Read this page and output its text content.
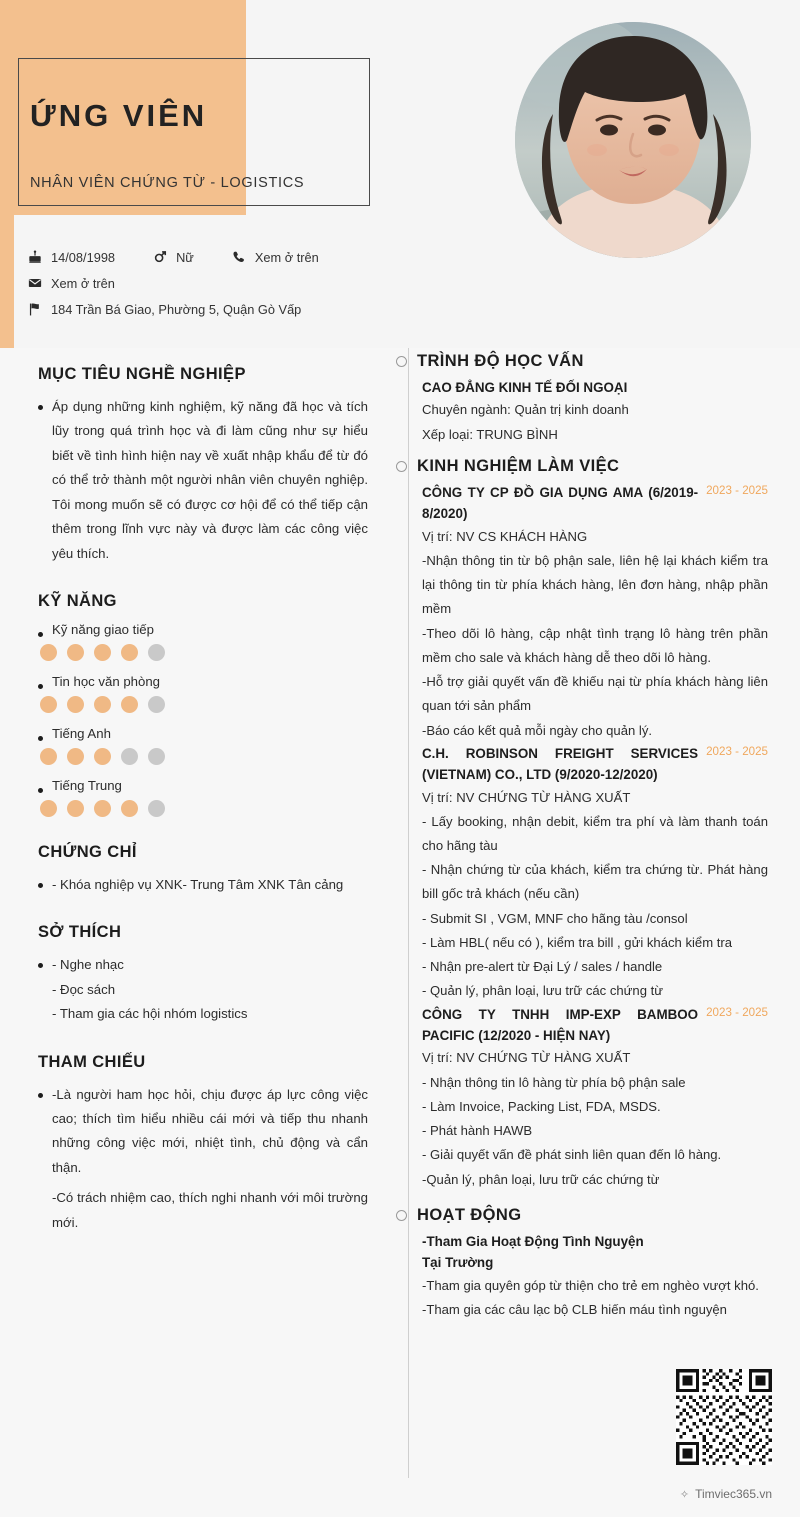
ỨNG VIÊN
NHÂN VIÊN CHỨNG TỪ - LOGISTICS
14/08/1998	Nữ	Xem ở trên
Xem ở trên
184 Trần Bá Giao, Phường 5, Quận Gò Vấp
MỤC TIÊU NGHỀ NGHIỆP
Áp dụng những kinh nghiệm, kỹ năng đã học và tích lũy trong quá trình học và đi làm cũng như sự hiểu biết về tình hình hiện nay về xuất nhập khẩu để từ đó có thể trở thành một người nhân viên chuyên nghiệp. Tôi mong muốn sẽ có được cơ hội để có thể tiếp cận thêm trong lĩnh vực này và được làm các công việc yêu thích.
KỸ NĂNG
Kỹ năng giao tiếp
Tin học văn phòng
Tiếng Anh
Tiếng Trung
CHỨNG CHỈ
- Khóa nghiệp vụ XNK- Trung Tâm XNK Tân cảng
SỞ THÍCH
- Nghe nhạc
- Đọc sách
- Tham gia các hội nhóm logistics
THAM CHIẾU
-Là người ham học hỏi, chịu được áp lực công việc cao; thích tìm hiểu nhiều cái mới và tiếp thu nhanh những công việc mới, nhiệt tình, chủ động và cẩn thận.
-Có trách nhiệm cao, thích nghi nhanh với môi trường mới.
TRÌNH ĐỘ HỌC VẤN
CAO ĐẲNG KINH TẾ ĐỐI NGOẠI
Chuyên ngành: Quản trị kinh doanh
Xếp loại: TRUNG BÌNH
KINH NGHIỆM LÀM VIỆC
CÔNG TY CP ĐỒ GIA DỤNG AMA (6/2019- 8/2020)
2023 - 2025
Vị trí: NV CS KHÁCH HÀNG
-Nhận thông tin từ bộ phận sale, liên hệ lại khách kiểm tra lại thông tin từ phía khách hàng, lên đơn hàng, nhập phần mềm
-Theo dõi lô hàng, cập nhật tình trạng lô hàng trên phần mềm cho sale và khách hàng dễ theo dõi lô hàng.
-Hỗ trợ giải quyết vấn đề khiếu nại từ phía khách hàng liên quan tới sản phẩm
-Báo cáo kết quả mỗi ngày cho quản lý.
C.H. ROBINSON FREIGHT SERVICES (VIETNAM) CO., LTD (9/2020-12/2020)
2023 - 2025
Vị trí: NV CHỨNG TỪ HÀNG XUẤT
- Lấy booking, nhận debit, kiểm tra phí và làm thanh toán cho hãng tàu
- Nhận chứng từ của khách, kiểm tra chứng từ. Phát hàng bill gốc trả khách (nếu cần)
- Submit SI , VGM, MNF cho hãng tàu /consol
- Làm HBL( nếu có ), kiểm tra bill , gửi khách kiểm tra
- Nhận pre-alert từ Đại Lý / sales / handle
- Quản lý, phân loại, lưu trữ các chứng từ
CÔNG TY TNHH IMP-EXP BAMBOO PACIFIC (12/2020 - HIỆN NAY)
2023 - 2025
Vị trí: NV CHỨNG TỪ HÀNG XUẤT
- Nhận thông tin lô hàng từ phía bộ phận sale
- Làm Invoice, Packing List, FDA, MSDS.
- Phát hành HAWB
- Giải quyết vấn đề phát sinh liên quan đến lô hàng.
-Quản lý, phân loại, lưu trữ các chứng từ
HOẠT ĐỘNG
-Tham Gia Hoạt Động Tình Nguyện
Tại Trường
-Tham gia quyên góp từ thiện cho trẻ em nghèo vượt khó.
-Tham gia các câu lạc bộ CLB hiến máu tình nguyện
✧ Timviec365.vn
